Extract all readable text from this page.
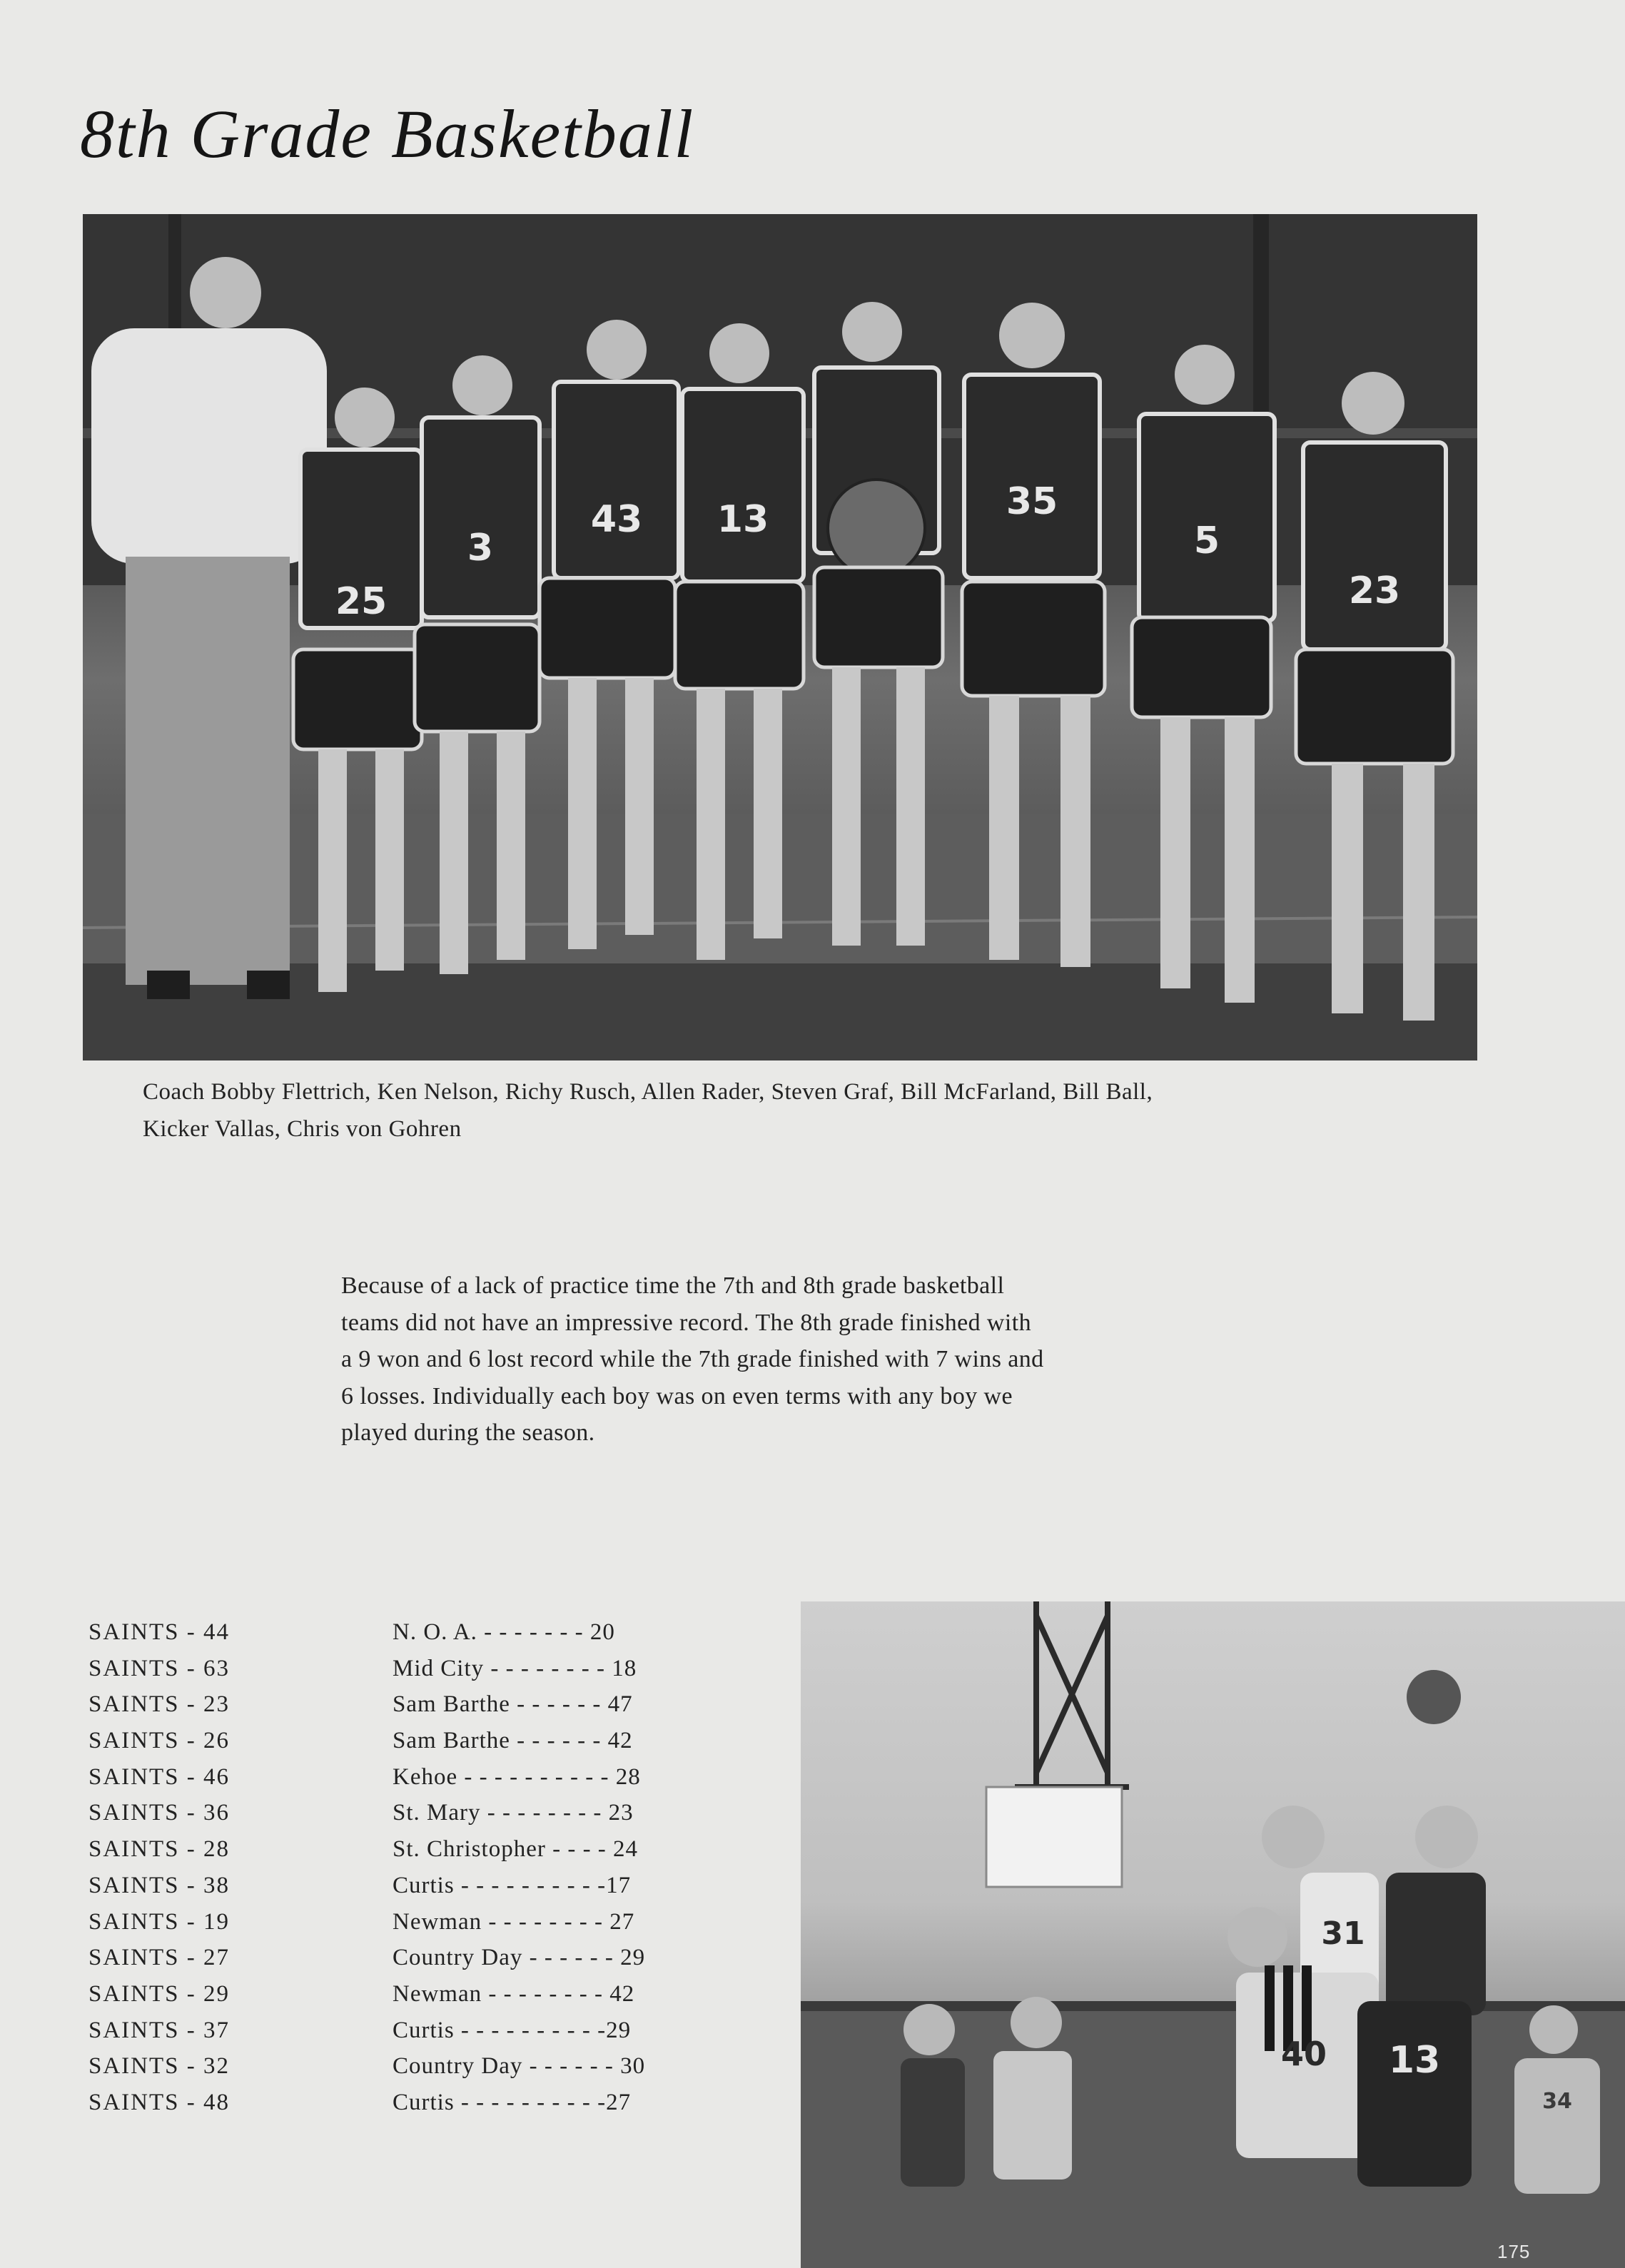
8th Grade Basketball
25
3
43 13	35
5
23

Coach Bobby Flettrich, Ken Nelson, Richy Rusch, Allen Rader, Steven Graf, Bill McFarland, Bill Ball,
Kicker Vallas, Chris von Gohren

Because of a lack of practice time the 7th and 8th grade basketball
teams did not have an impressive record. The 8th grade finished with
a 9 won and 6 lost record while the 7th grade finished with 7 wins and
6 losses. Individually each boy was on even terms with any boy we
played during the season.

SAINTS - 44	N. O. A. - - - - - - - 20
SAINTS - 63	Mid City - - - - - - - - 18
SAINTS - 23	Sam Barthe - - - - - - 47
SAINTS - 26	Sam Barthe - - - - - - 42
SAINTS - 46	Kehoe - - - - - - - - - - 28
SAINTS - 36	St. Mary - - - - - - - - 23
SAINTS - 28	St. Christopher - - - - 24
SAINTS - 38	Curtis - - - - - - - - - -17
SAINTS - 19	Newman - - - - - - - - 27
SAINTS - 27	Country Day - - - - - - 29
SAINTS - 29	Newman - - - - - - - - 42
SAINTS - 37	Curtis - - - - - - - - - -29
SAINTS - 32	Country Day - - - - - - 30
SAINTS - 48	Curtis - - - - - - - - - -27
31
40 13
34
175
